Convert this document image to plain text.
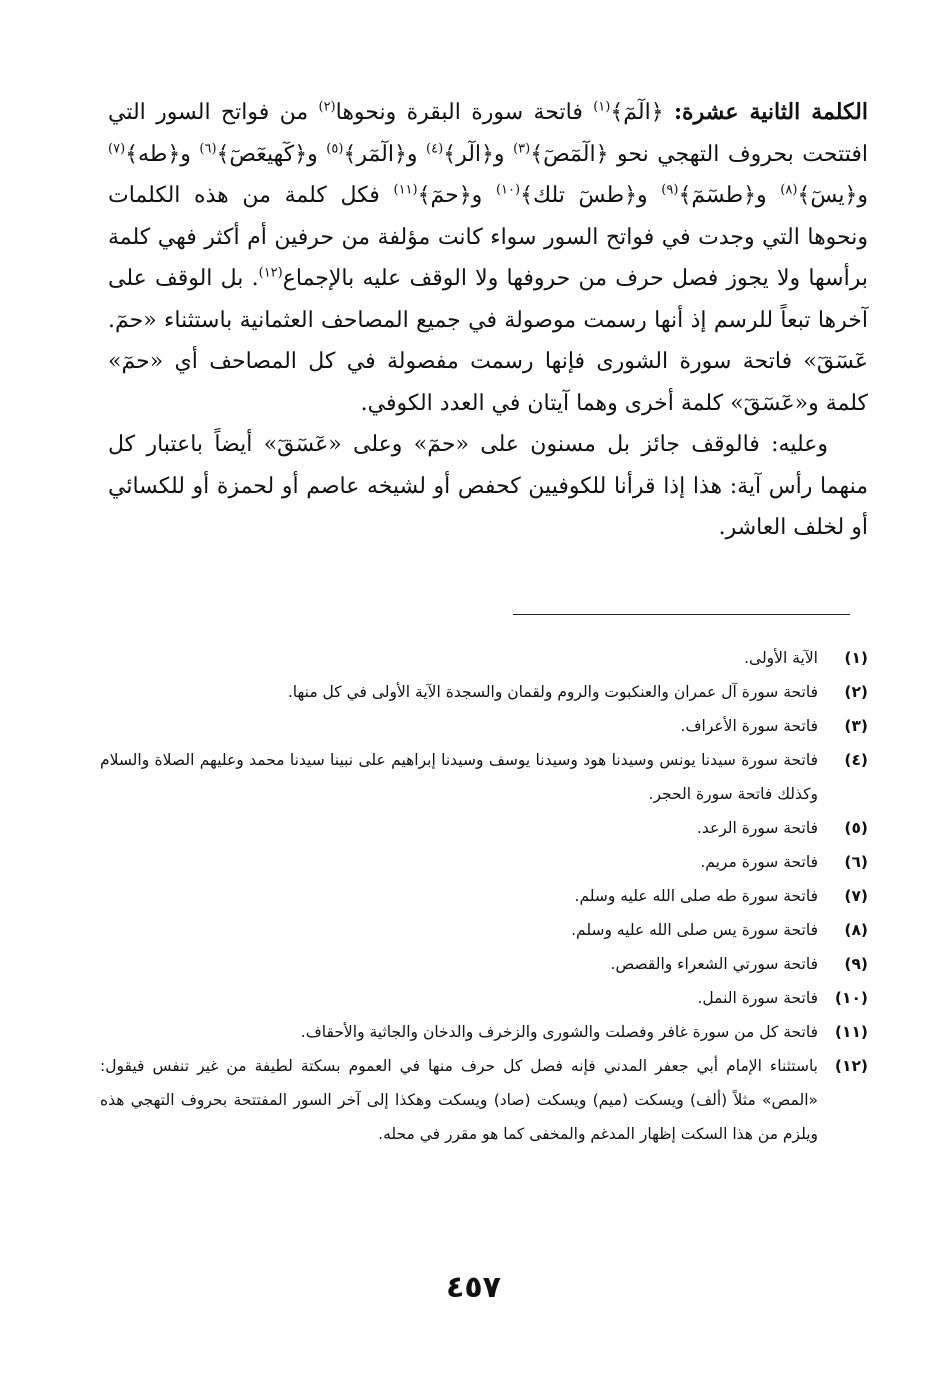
الكلمة الثانية عشرة: ﴿الٓمٓ﴾$^{(١)}$ فاتحة سورة البقرة ونحوها$^{(٢)}$ من فواتح السور التي افتتحت بحروف التهجي نحو ﴿الٓمٓصٓ﴾$^{(٣)}$ و﴿الٓر﴾$^{(٤)}$ و﴿الٓمٓر﴾$^{(٥)}$ و﴿كٓهيعٓصٓ﴾$^{(٦)}$ و﴿طه﴾$^{(٧)}$ و﴿يسٓ﴾$^{(٨)}$ و﴿طسٓمٓ﴾$^{(٩)}$ و﴿طسٓ تلك﴾$^{(١٠)}$ و﴿حمٓ﴾$^{(١١)}$ فكل كلمة من هذه الكلمات ونحوها التي وجدت في فواتح السور سواء كانت مؤلفة من حرفين أم أكثر فهي كلمة برأسها ولا يجوز فصل حرف من حروفها ولا الوقف عليه بالإجماع$^{(١٢)}$. بل الوقف على آخرها تبعاً للرسم إذ أنها رسمت موصولة في جميع المصاحف العثمانية باستثناء «حمٓ. عٓسٓقٓ» فاتحة سورة الشورى فإنها رسمت مفصولة في كل المصاحف أي «حمٓ» كلمة و«عٓسٓقٓ» كلمة أخرى وهما آيتان في العدد الكوفي.

وعليه: فالوقف جائز بل مسنون على «حمٓ» وعلى «عٓسٓقٓ» أيضاً باعتبار كل منهما رأس آية: هذا إذا قرأنا للكوفيين كحفص أو لشيخه عاصم أو لحمزة أو للكسائي أو لخلف العاشر.

(١)
الآية الأولى.
(٢)
فاتحة سورة آل عمران والعنكبوت والروم ولقمان والسجدة الآية الأولى في كل منها.
(٣)
فاتحة سورة الأعراف.
(٤)
فاتحة سورة سيدنا يونس وسيدنا هود وسيدنا يوسف وسيدنا إبراهيم على نبينا سيدنا محمد وعليهم الصلاة والسلام وكذلك فاتحة سورة الحجر.
(٥)
فاتحة سورة الرعد.
(٦)
فاتحة سورة مريم.
(٧)
فاتحة سورة طه صلى الله عليه وسلم.
(٨)
فاتحة سورة يس صلى الله عليه وسلم.
(٩)
فاتحة سورتي الشعراء والقصص.
(١٠)
فاتحة سورة النمل.
(١١)
فاتحة كل من سورة غافر وفصلت والشورى والزخرف والدخان والجاثية والأحقاف.
(١٢)
باستثناء الإمام أبي جعفر المدني فإنه فصل كل حرف منها في العموم بسكتة لطيفة من غير تنفس فيقول: «المص» مثلاً (ألف) ويسكت (ميم) ويسكت (صاد) ويسكت وهكذا إلى آخر السور المفتتحة بحروف التهجي هذه ويلزم من هذا السكت إظهار المدغم والمخفى كما هو مقرر في محله.
٤٥٧
